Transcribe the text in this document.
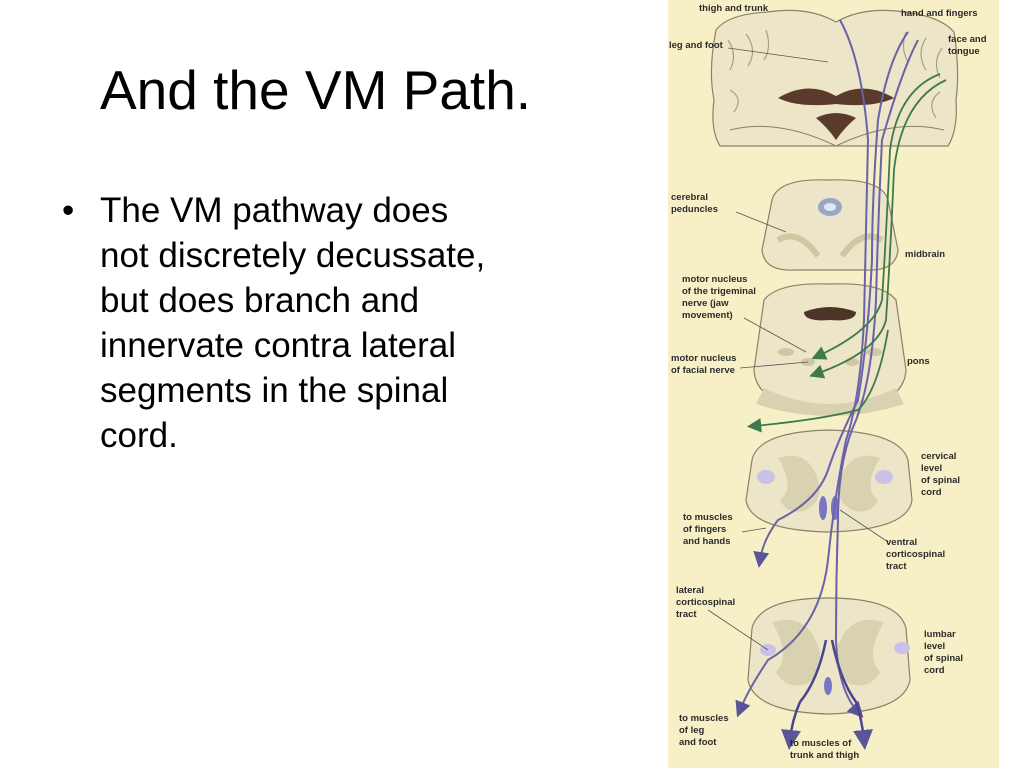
And the VM Path.
• The VM pathway does
not discretely decussate,
but does branch and
innervate contra lateral
segments in the spinal
cord.
thigh and trunk	hand and fingers
leg and foot
face and
tongue
cerebral
peduncles
midbrain
motor nucleus
of the trigeminal
nerve (jaw
movement)
motor nucleus
of facial nerve
pons
cervical
level
of spinal
cord
to muscles
of fingers
and hands	ventral
corticospinal
tract
lateral
corticospinal
tract
lumbar
level
of spinal
cord
to muscles
of leg
and foot	to muscles of
trunk and thigh
